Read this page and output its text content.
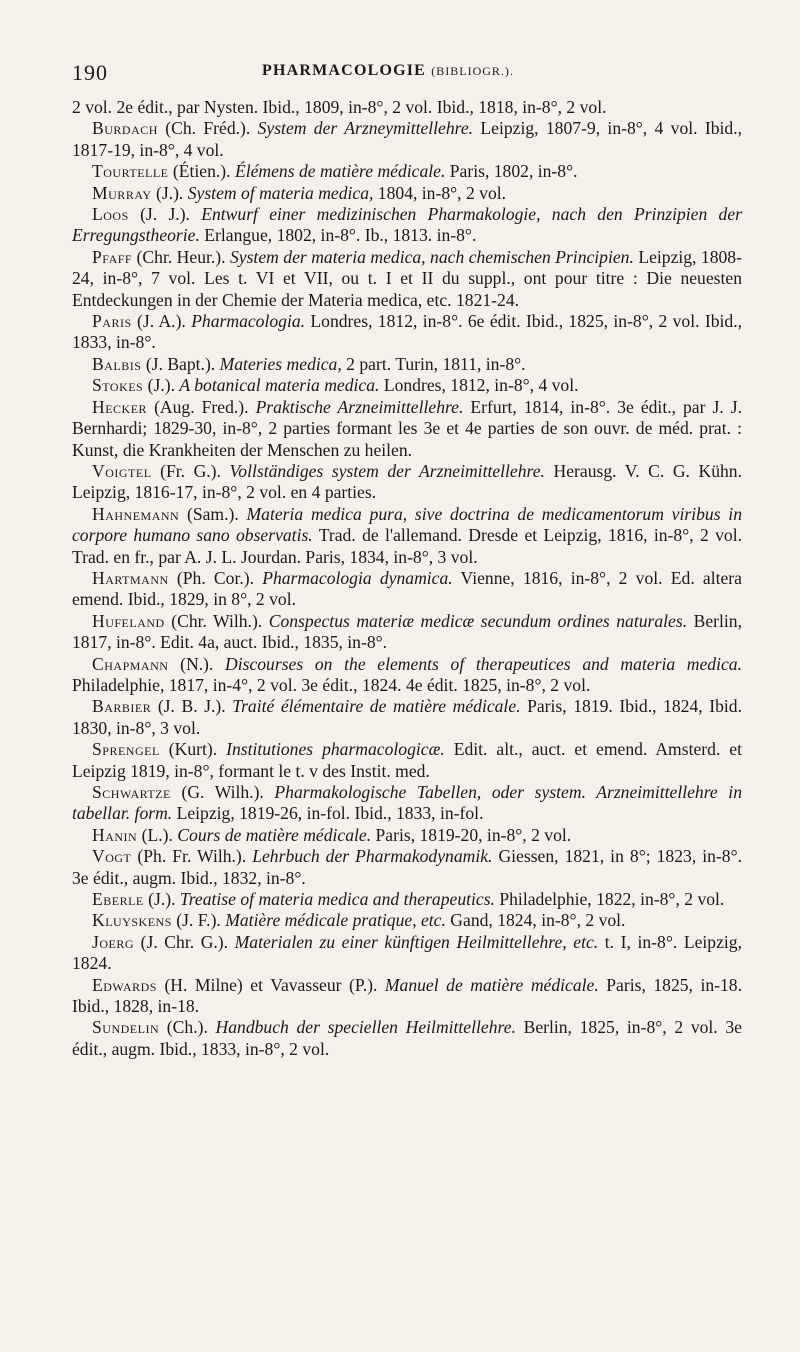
190	PHARMACOLOGIE (BIBLIOGR.).

2 vol. 2e édit., par Nysten. Ibid., 1809, in-8°, 2 vol. Ibid., 1818, in-8°, 2 vol.

Burdach (Ch. Fréd.). System der Arzneymittellehre. Leipzig, 1807-9, in-8°, 4 vol. Ibid., 1817-19, in-8°, 4 vol.

Tourtelle (Étien.). Élémens de matière médicale. Paris, 1802, in-8°.

Murray (J.). System of materia medica, 1804, in-8°, 2 vol.

Loos (J. J.). Entwurf einer medizinischen Pharmakologie, nach den Prinzipien der Erregungstheorie. Erlangue, 1802, in-8°. Ib., 1813. in-8°.

Pfaff (Chr. Heur.). System der materia medica, nach chemischen Principien. Leipzig, 1808-24, in-8°, 7 vol. Les t. VI et VII, ou t. I et II du suppl., ont pour titre : Die neuesten Entdeckungen in der Chemie der Materia medica, etc. 1821-24.

Paris (J. A.). Pharmacologia. Londres, 1812, in-8°. 6e édit. Ibid., 1825, in-8°, 2 vol. Ibid., 1833, in-8°.

Balbis (J. Bapt.). Materies medica, 2 part. Turin, 1811, in-8°.

Stokes (J.). A botanical materia medica. Londres, 1812, in-8°, 4 vol.

Hecker (Aug. Fred.). Praktische Arzneimittellehre. Erfurt, 1814, in-8°. 3e édit., par J. J. Bernhardi; 1829-30, in-8°, 2 parties formant les 3e et 4e parties de son ouvr. de méd. prat. : Kunst, die Krankheiten der Menschen zu heilen.

Voigtel (Fr. G.). Vollständiges system der Arzneimittellehre. Herausg. V. C. G. Kühn. Leipzig, 1816-17, in-8°, 2 vol. en 4 parties.

Hahnemann (Sam.). Materia medica pura, sive doctrina de medicamentorum viribus in corpore humano sano observatis. Trad. de l'allemand. Dresde et Leipzig, 1816, in-8°, 2 vol. Trad. en fr., par A. J. L. Jourdan. Paris, 1834, in-8°, 3 vol.

Hartmann (Ph. Cor.). Pharmacologia dynamica. Vienne, 1816, in-8°, 2 vol. Ed. altera emend. Ibid., 1829, in 8°, 2 vol.

Hufeland (Chr. Wilh.). Conspectus materiæ medicæ secundum ordines naturales. Berlin, 1817, in-8°. Edit. 4a, auct. Ibid., 1835, in-8°.

Chapmann (N.). Discourses on the elements of therapeutices and materia medica. Philadelphie, 1817, in-4°, 2 vol. 3e édit., 1824. 4e édit. 1825, in-8°, 2 vol.

Barbier (J. B. J.). Traité élémentaire de matière médicale. Paris, 1819. Ibid., 1824, Ibid. 1830, in-8°, 3 vol.

Sprengel (Kurt). Institutiones pharmacologicæ. Edit. alt., auct. et emend. Amsterd. et Leipzig 1819, in-8°, formant le t. v des Instit. med.

Schwartze (G. Wilh.). Pharmakologische Tabellen, oder system. Arzneimittellehre in tabellar. form. Leipzig, 1819-26, in-fol. Ibid., 1833, in-fol.

Hanin (L.). Cours de matière médicale. Paris, 1819-20, in-8°, 2 vol.

Vogt (Ph. Fr. Wilh.). Lehrbuch der Pharmakodynamik. Giessen, 1821, in 8°; 1823, in-8°. 3e édit., augm. Ibid., 1832, in-8°.

Eberle (J.). Treatise of materia medica and therapeutics. Philadelphie, 1822, in-8°, 2 vol.

Kluyskens (J. F.). Matière médicale pratique, etc. Gand, 1824, in-8°, 2 vol.

Joerg (J. Chr. G.). Materialen zu einer künftigen Heilmittellehre, etc. t. I, in-8°. Leipzig, 1824.

Edwards (H. Milne) et Vavasseur (P.). Manuel de matière médicale. Paris, 1825, in-18. Ibid., 1828, in-18.

Sundelin (Ch.). Handbuch der speciellen Heilmittellehre. Berlin, 1825, in-8°, 2 vol. 3e édit., augm. Ibid., 1833, in-8°, 2 vol.
